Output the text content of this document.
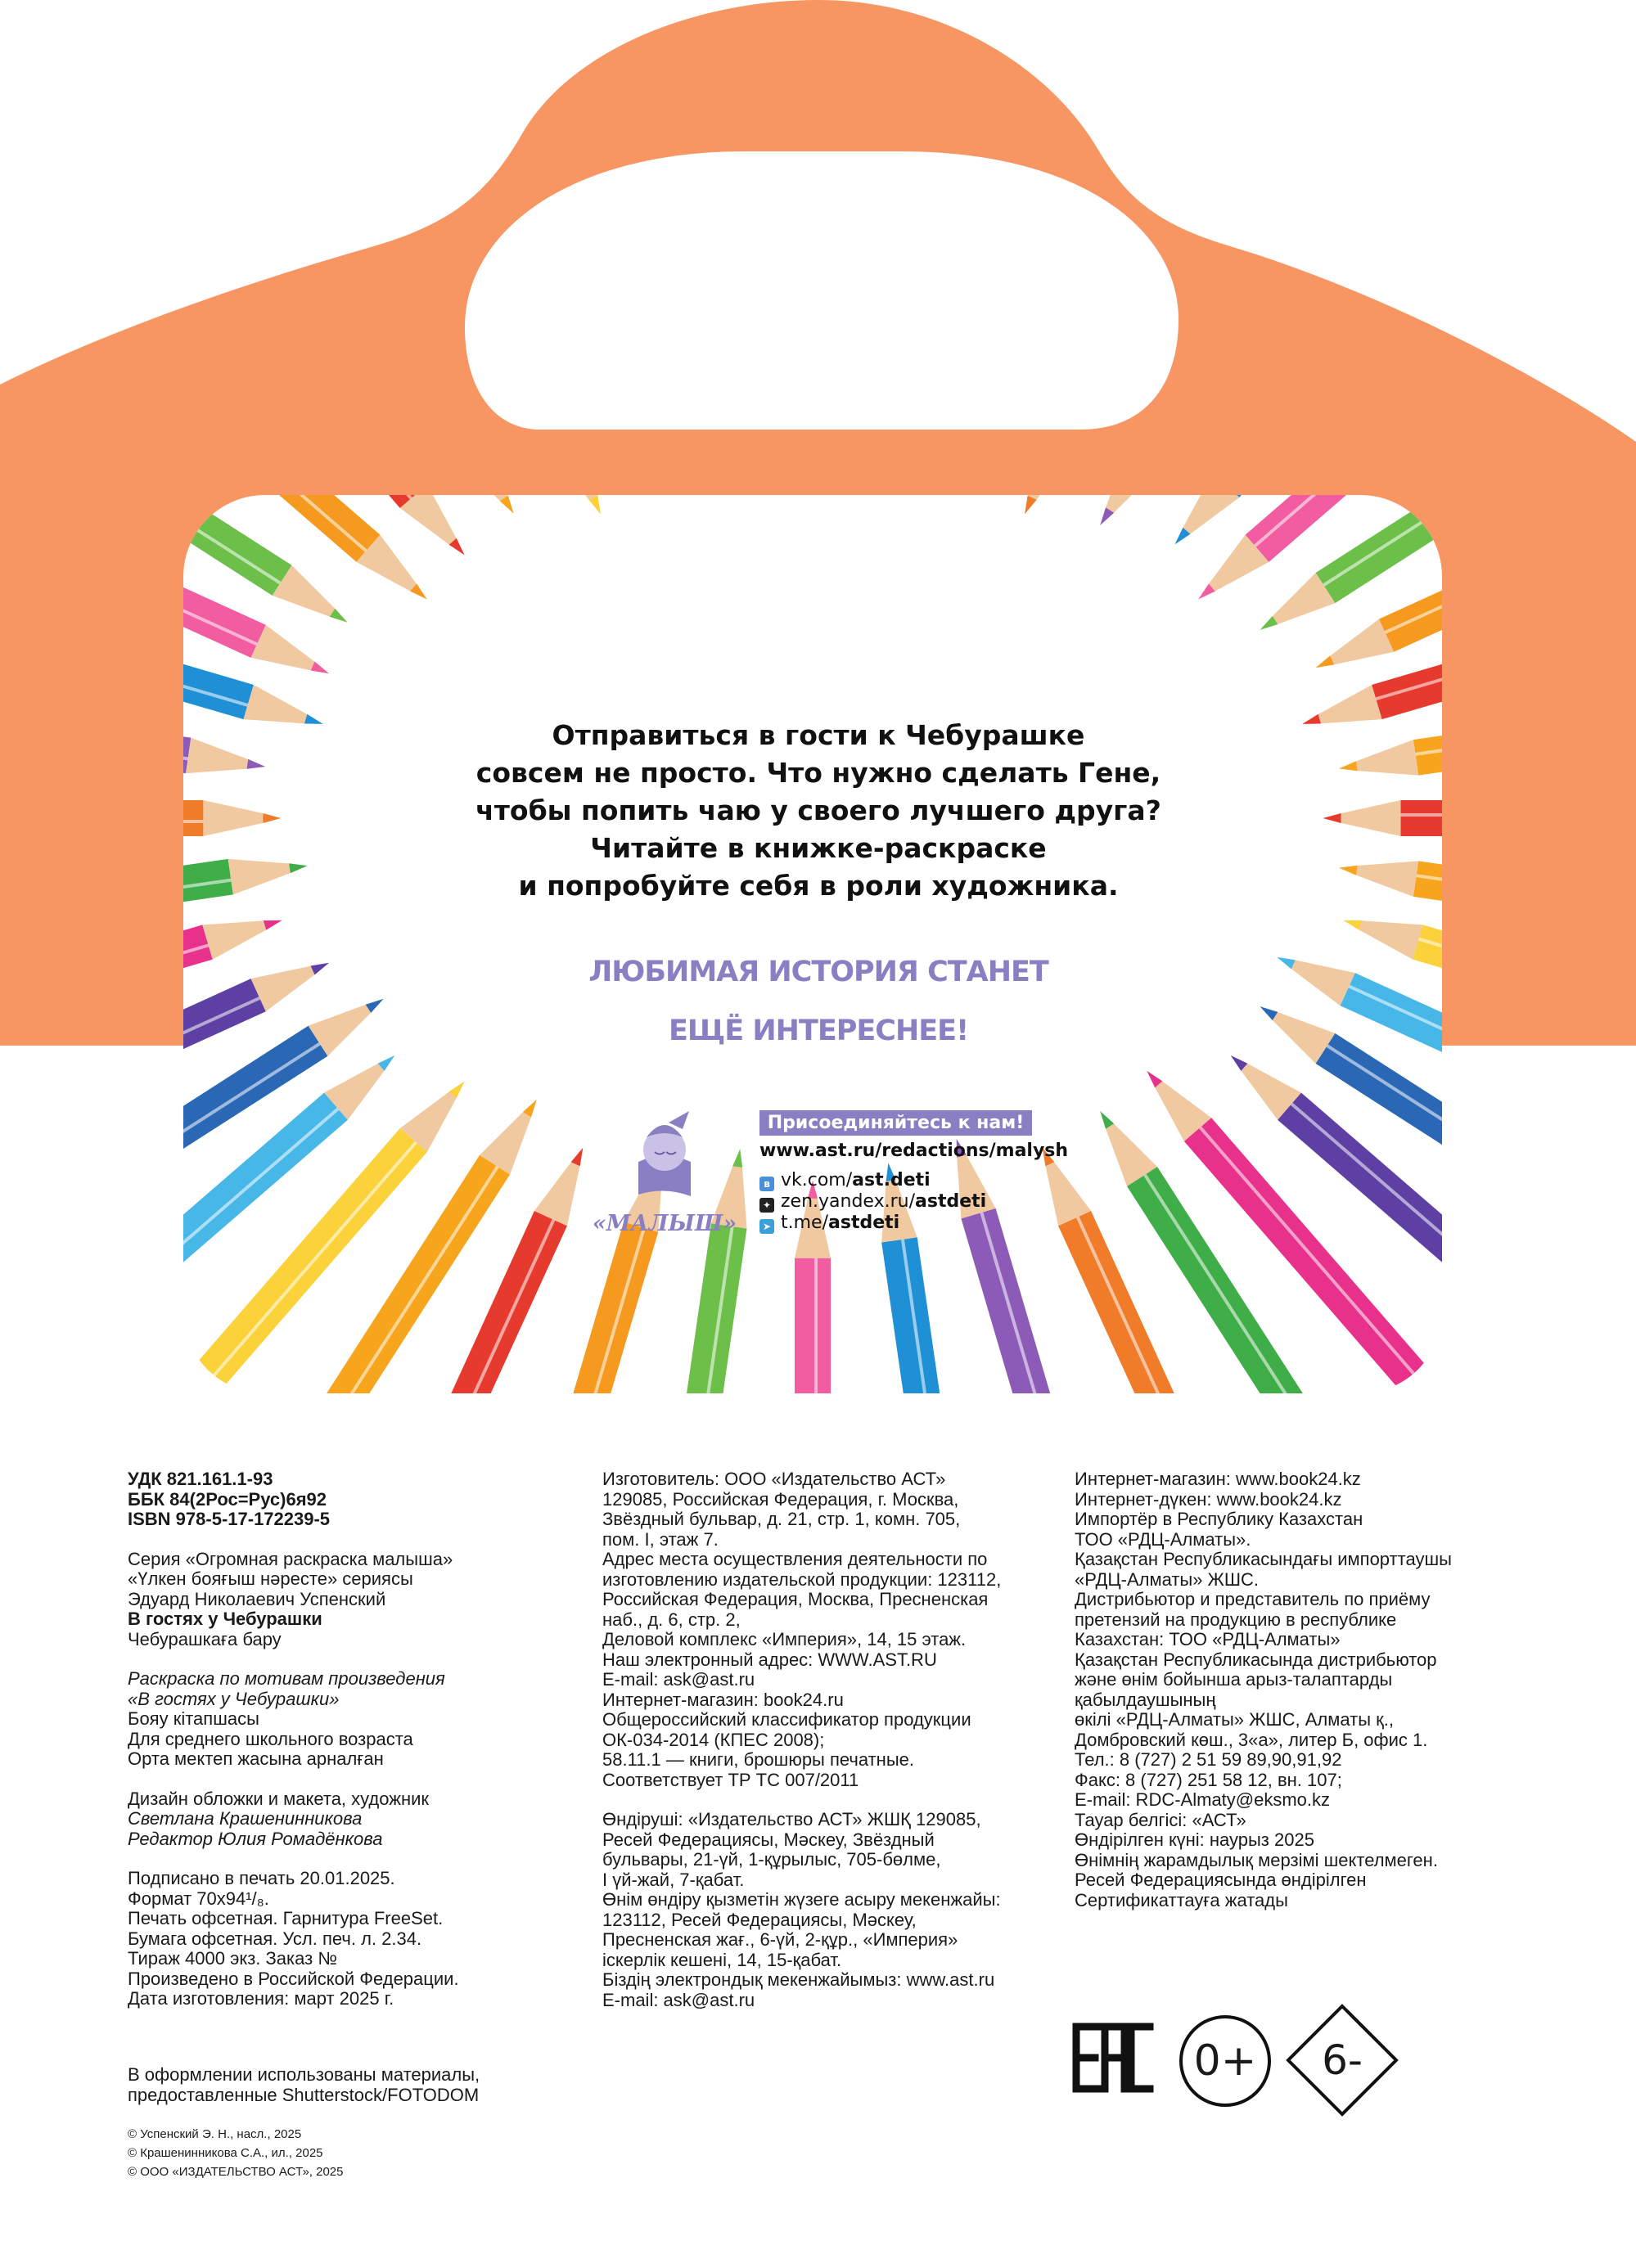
Отправиться в гости к Чебурашке
совсем не просто. Что нужно сделать Гене,
чтобы попить чаю у своего лучшего друга?
Читайте в книжке-раскраске
и попробуйте себя в роли художника.
ЛЮБИМАЯ ИСТОРИЯ СТАНЕТ
ЕЩЁ ИНТЕРЕСНЕЕ!
«МАЛЫШ»
Присоединяйтесь к нам!
www.ast.ru/redactions/malysh
в vk.com/ast.deti
✦ zen.yandex.ru/astdeti
➤ t.me/astdeti

УДК 821.161.1-93

ББК 84(2Рос=Рус)6я92

ISBN 978-5-17-172239-5

Серия «Огромная раскраска малыша»

«Үлкен бояғыш нәресте» сериясы

Эдуард Николаевич Успенский

В гостях у Чебурашки

Чебурашкаға бару

Раскраска по мотивам произведения

«В гостях у Чебурашки»

Бояу кітапшасы

Для среднего школьного возраста

Орта мектеп жасына арналған

Дизайн обложки и макета, художник

Светлана Крашенинникова

Редактор Юлия Ромадёнкова

Подписано в печать 20.01.2025.

Формат 70x94¹/₈.

Печать офсетная. Гарнитура FreeSet.

Бумага офсетная. Усл. печ. л. 2.34.

Тираж 4000 экз. Заказ №

Произведено в Российской Федерации.

Дата изготовления: март 2025 г.

Изготовитель: ООО «Издательство АСТ»

129085, Российская Федерация, г. Москва,

Звёздный бульвар, д. 21, стр. 1, комн. 705,

пом. I, этаж 7.

Адрес места осуществления деятельности по

изготовлению издательской продукции: 123112,

Российская Федерация, Москва, Пресненская

наб., д. 6, стр. 2,

Деловой комплекс «Империя», 14, 15 этаж.

Наш электронный адрес: WWW.AST.RU

E-mail: ask@ast.ru

Интернет-магазин: book24.ru

Общероссийский классификатор продукции

ОК-034-2014 (КПЕС 2008);

58.11.1 — книги, брошюры печатные.

Соответствует ТР ТС 007/2011

Өндіруші: «Издательство АСТ» ЖШҚ 129085,

Ресей Федерациясы, Мәскеу, Звёздный

бульвары, 21-үй, 1-құрылыс, 705-бөлме,

I үй-жай, 7-қабат.

Өнім өндіру қызметін жүзеге асыру мекенжайы:

123112, Ресей Федерациясы, Мәскеу,

Пресненская жағ., 6-үй, 2-құр., «Империя»

іскерлік кешені, 14, 15-қабат.

Біздің электрондық мекенжайымыз: www.ast.ru

E-mail: ask@ast.ru

Интернет-магазин: www.book24.kz

Интернет-дүкен: www.book24.kz

Импортёр в Республику Казахстан

ТОО «РДЦ-Алматы».

Қазақстан Республикасындағы импорттаушы

«РДЦ-Алматы» ЖШС.

Дистрибьютор и представитель по приёму

претензий на продукцию в республике

Казахстан: ТОО «РДЦ-Алматы»

Қазақстан Республикасында дистрибьютор

және өнім бойынша арыз-талаптарды

қабылдаушының

өкілі «РДЦ-Алматы» ЖШС, Алматы қ.,

Домбровский көш., 3«а», литер Б, офис 1.

Тел.: 8 (727) 2 51 59 89,90,91,92

Факс: 8 (727) 251 58 12, вн. 107;

E-mail: RDC-Almaty@eksmo.kz

Тауар белгісі: «АСТ»

Өндірілген күні: наурыз 2025

Өнімнің жарамдылық мерзімі шектелмеген.

Ресей Федерациясында өндірілген

Сертификаттауға жатады

В оформлении использованы материалы,

предоставленные Shutterstock/FOTODOM

© Успенский Э. Н., насл., 2025

© Крашенинникова С.А., ил., 2025

© ООО «ИЗДАТЕЛЬСТВО АСТ», 2025

0+	6-
